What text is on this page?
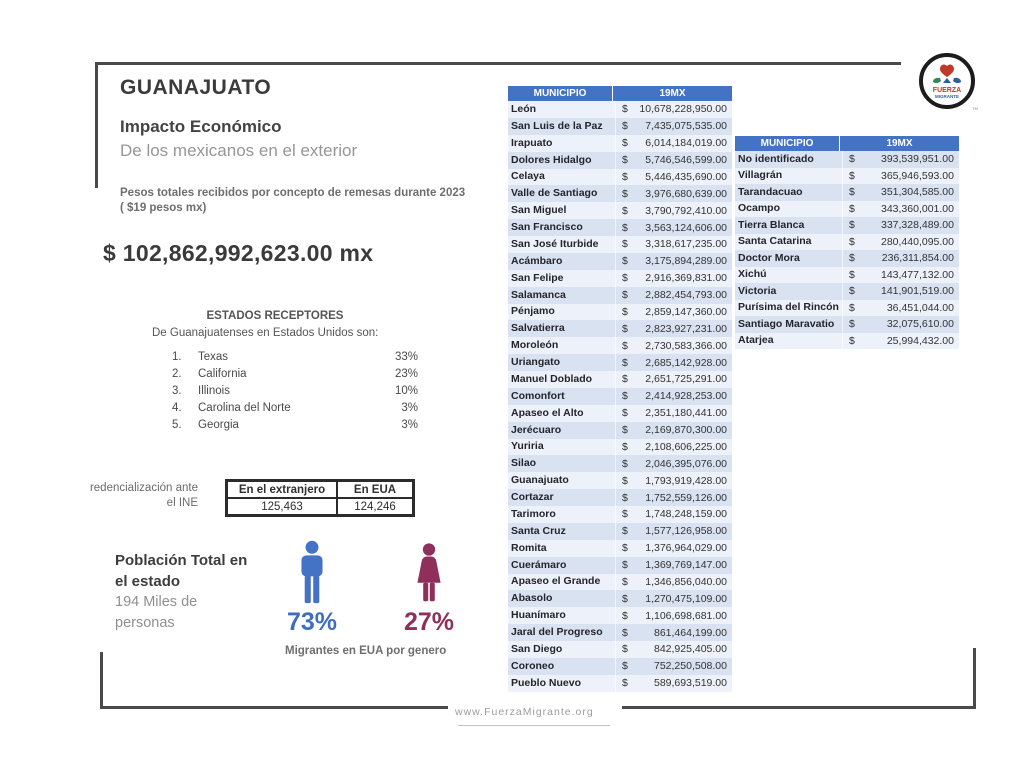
GUANAJUATO
Impacto Económico
De los mexicanos en el exterior
Pesos totales recibidos por concepto de remesas durante 2023 ( $19 pesos mx)
$ 102,862,992,623.00 mx
ESTADOS RECEPTORES
De Guanajuatenses en Estados Unidos son:
1.	Texas	33%
2.	California	23%
3.	Illinois	10%
4.	Carolina del Norte	3%
5.	Georgia	3%
redencialización ante
el INE
En el extranjero	En EUA
125,463	124,246
Población Total en
el estado
194 Miles de
personas	73%	27%
Migrantes en EUA por genero
MUNICIPIO	19MX
León	$ 10,678,228,950.00
San Luis de la Paz	$ 7,435,075,535.00
Irapuato	$ 6,014,184,019.00
Dolores Hidalgo	$ 5,746,546,599.00
Celaya	$ 5,446,435,690.00
Valle de Santiago	$ 3,976,680,639.00
San Miguel	$ 3,790,792,410.00
San Francisco	$ 3,563,124,606.00
San José Iturbide	$ 3,318,617,235.00
Acámbaro	$ 3,175,894,289.00
San Felipe	$ 2,916,369,831.00
Salamanca	$ 2,882,454,793.00
Pénjamo	$ 2,859,147,360.00
Salvatierra	$ 2,823,927,231.00
Moroleón	$ 2,730,583,366.00
Uriangato	$ 2,685,142,928.00
Manuel Doblado	$ 2,651,725,291.00
Comonfort	$ 2,414,928,253.00
Apaseo el Alto	$ 2,351,180,441.00
Jerécuaro	$ 2,169,870,300.00
Yuriria	$ 2,108,606,225.00
Silao	$ 2,046,395,076.00
Guanajuato	$ 1,793,919,428.00
Cortazar	$ 1,752,559,126.00
Tarimoro	$ 1,748,248,159.00
Santa Cruz	$ 1,577,126,958.00
Romita	$ 1,376,964,029.00
Cuerámaro	$ 1,369,769,147.00
Apaseo el Grande	$ 1,346,856,040.00
Abasolo	$ 1,270,475,109.00
Huanímaro	$ 1,106,698,681.00
Jaral del Progreso	$ 861,464,199.00
San Diego	$ 842,925,405.00
Coroneo	$ 752,250,508.00
Pueblo Nuevo	$ 589,693,519.00
MUNICIPIO	19MX
No identificado	$ 393,539,951.00
Villagrán	$ 365,946,593.00
Tarandacuao	$ 351,304,585.00
Ocampo	$ 343,360,001.00
Tierra Blanca	$ 337,328,489.00
Santa Catarina	$ 280,440,095.00
Doctor Mora	$	236,311,854.00
Xichú	$ 143,477,132.00
Victoria	$ 141,901,519.00
Purísima del Rincón $	36,451,044.00
Santiago Maravatio	$	32,075,610.00
Atarjea	$	25,994,432.00
FUERZA
MIGRANTE
TM
www.FuerzaMigrante.org
